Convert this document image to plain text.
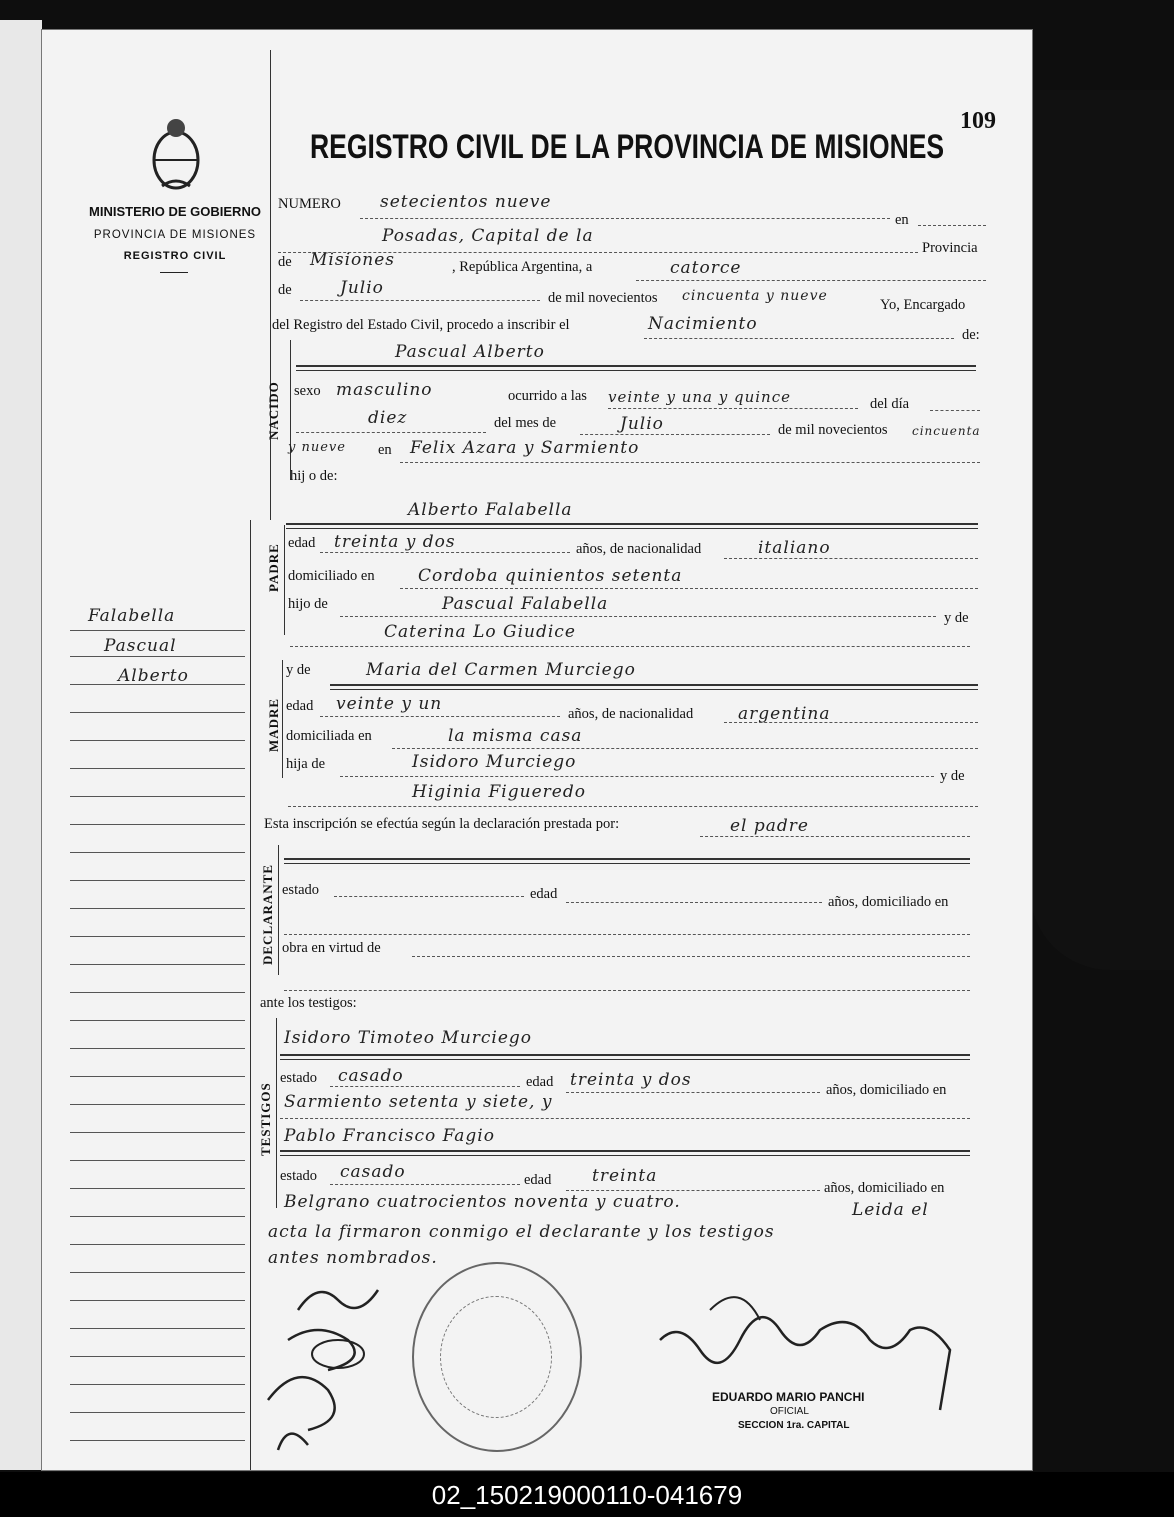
MINISTERIO DE GOBIERNO
PROVINCIA DE MISIONES
REGISTRO CIVIL
REGISTRO CIVIL DE LA PROVINCIA DE MISIONES
109
Falabella
Pascual
Alberto
NUMERO setecientos nueve
en
Posadas, Capital de la
Provincia
de Misiones	, República Argentina, a	catorce
de	Julio	de mil novecientos cincuenta y nueve
Yo, Encargado
del Registro del Estado Civil, procedo a inscribir el	Nacimiento
de:
NACIDO
Pascual Alberto
sexo masculino	ocurrido a las veinte y una y quince	del día
diez	del mes de	Julio	de mil novecientos cincuenta
y nueve en Felix Azara y Sarmiento
hij o de:
PADRE
Alberto Falabella
edad treinta y dos	años, de nacionalidad	italiano
domiciliado en	Cordoba quinientos setenta
hijo de	Pascual Falabella
y de
Caterina Lo Giudice
MADRE
y de	Maria del Carmen Murciego
edad veinte y un	años, de nacionalidad	argentina
domiciliada en	la misma casa
hija de	Isidoro Murciego
y de
Higinia Figueredo
Esta inscripción se efectúa según la declaración prestada por:	el padre
DECLARANTE estado	edad	años, domiciliado en
obra en virtud de
ante los testigos:
TESTIGOS
Isidoro Timoteo Murciego
estado casado	edad treinta y dos	años, domiciliado en
Sarmiento setenta y siete, y
Pablo Francisco Fagio
estado casado	edad treinta
años, domiciliado en
Belgrano cuatrocientos noventa y cuatro.	Leida el
acta la firmaron conmigo el declarante y los testigos
antes nombrados.
EDUARDO MARIO PANCHI
OFICIAL
SECCION 1ra. CAPITAL
02_150219000110-041679
